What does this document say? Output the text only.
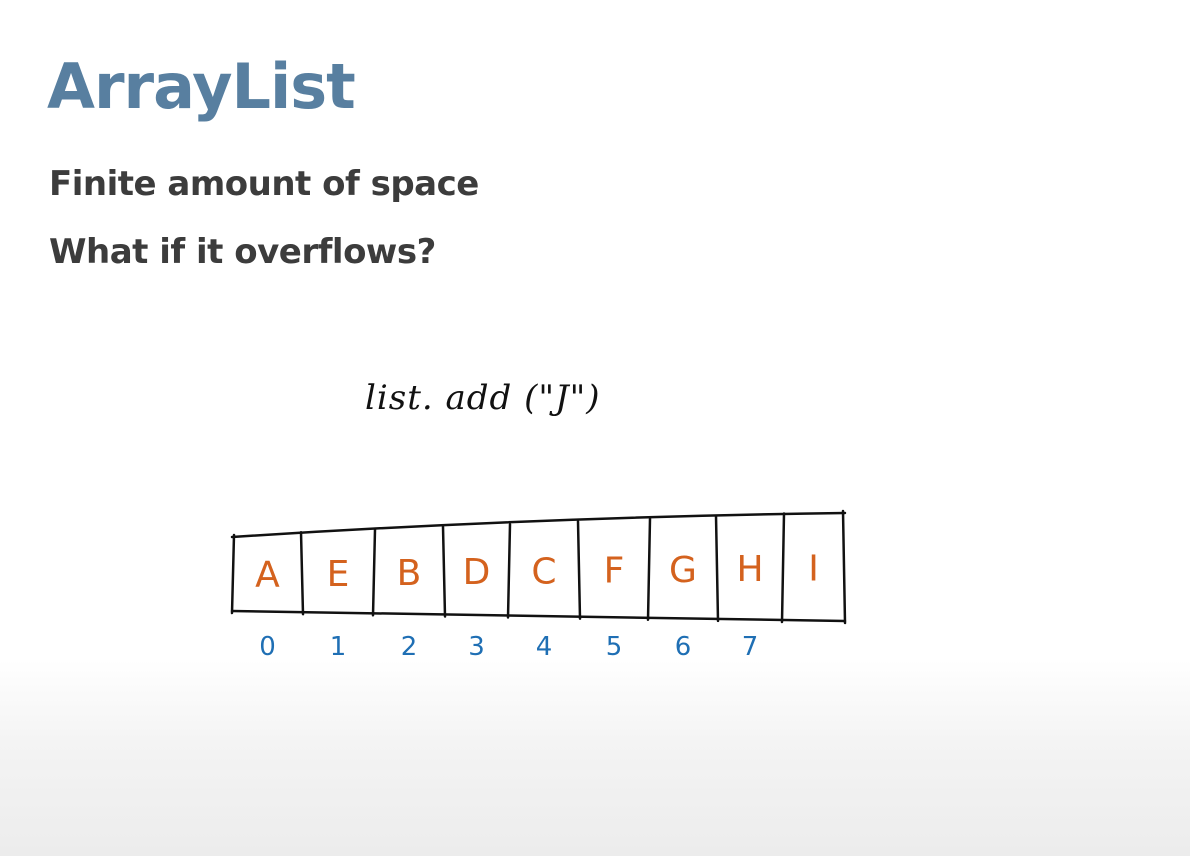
ArrayList

Finite amount of space

What if it overflows?

list. add ("J")
A E B D C F G H I
0 1 2 3 4 5 6 7
